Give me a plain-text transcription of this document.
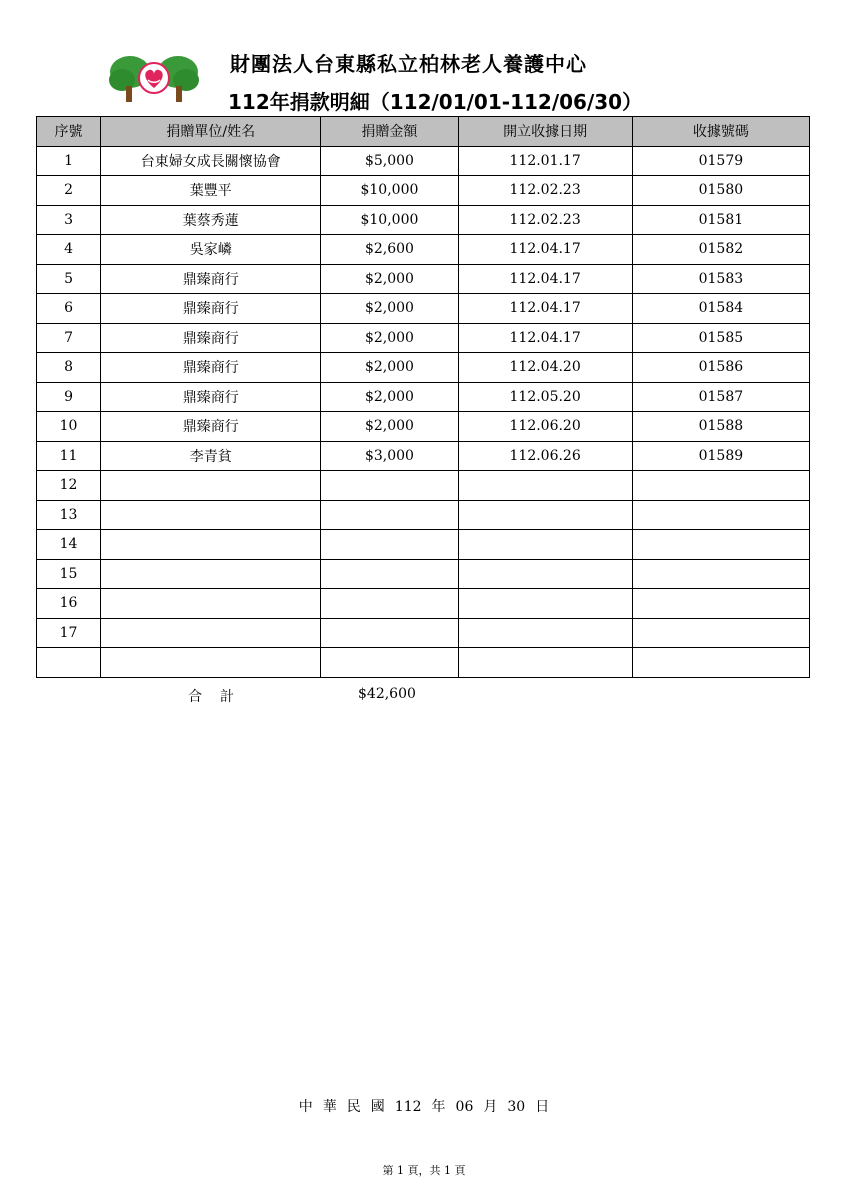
財團法人台東縣私立柏林老人養護中心
112年捐款明細（112/01/01-112/06/30）
序號	捐贈單位/姓名	捐贈金額	開立收據日期	收據號碼
1	台東婦女成長關懷協會	$5,000	112.01.17	01579
2	葉豐平	$10,000	112.02.23	01580
3	葉蔡秀蓮	$10,000	112.02.23	01581
4	吳家嶙	$2,600	112.04.17	01582
5	鼎臻商行	$2,000	112.04.17	01583
6	鼎臻商行	$2,000	112.04.17	01584
7	鼎臻商行	$2,000	112.04.17	01585
8	鼎臻商行	$2,000	112.04.20	01586
9	鼎臻商行	$2,000	112.05.20	01587
10	鼎臻商行	$2,000	112.06.20	01588
11	李青貧	$3,000	112.06.26	01589
12				
13				
14				
15				
16				
17				

合計	$42,600
中 華 民 國 112 年 06 月 30 日
第 1 頁，共 1 頁
